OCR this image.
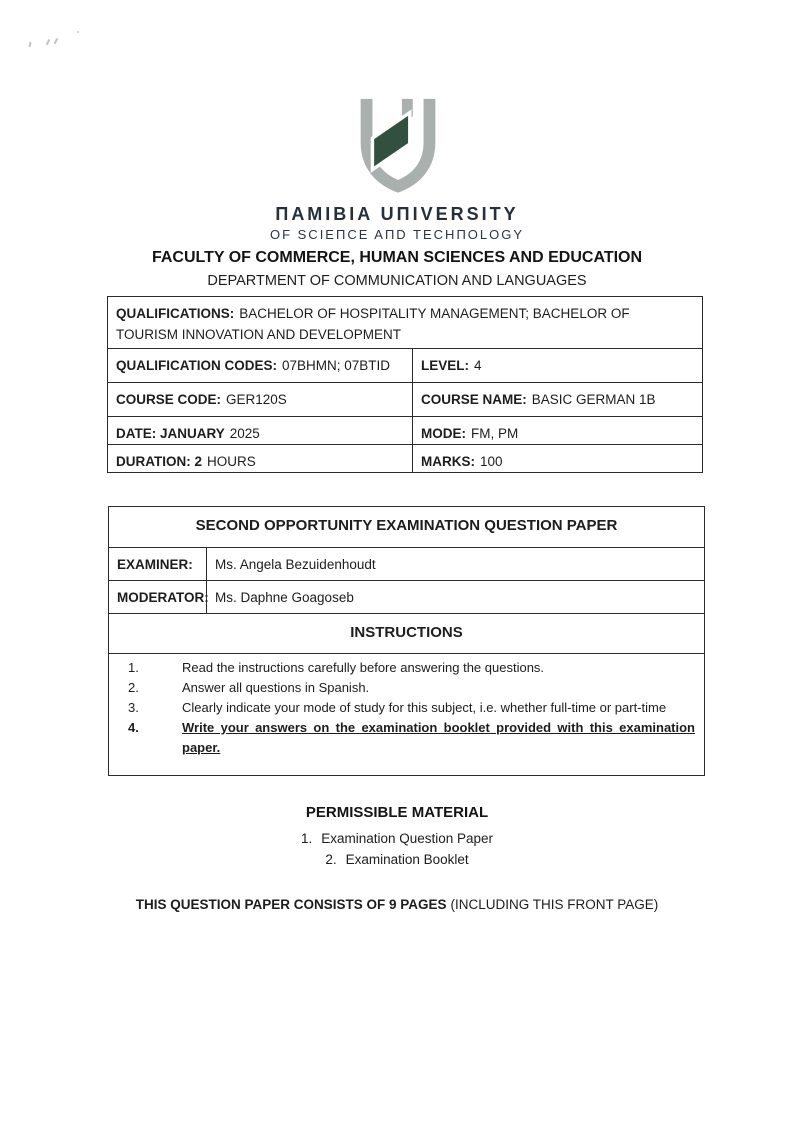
ПAMIBIA UПIVERSITY
OF SCIEПCE AПD TECHПOLOGY
FACULTY OF COMMERCE, HUMAN SCIENCES AND EDUCATION
DEPARTMENT OF COMMUNICATION AND LANGUAGES
QUALIFICATIONS: BACHELOR OF HOSPITALITY MANAGEMENT; BACHELOR OF TOURISM INNOVATION AND DEVELOPMENT
QUALIFICATION CODES: 07BHMN; 07BTID	LEVEL: 4
COURSE CODE: GER120S	COURSE NAME: BASIC GERMAN 1B
DATE: JANUARY 2025	MODE: FM, PM
DURATION: 2 HOURS	MARKS: 100
SECOND OPPORTUNITY EXAMINATION QUESTION PAPER
EXAMINER:	Ms. Angela Bezuidenhoudt
MODERATOR: Ms. Daphne Goagoseb
INSTRUCTIONS
1.	Read the instructions carefully before answering the questions.
2.	Answer all questions in Spanish.
3.	Clearly indicate your mode of study for this subject, i.e. whether full-time or part-time
4.	Write your answers on the examination booklet provided with this examination paper.
PERMISSIBLE MATERIAL
1. Examination Question Paper
2. Examination Booklet
THIS QUESTION PAPER CONSISTS OF 9 PAGES (INCLUDING THIS FRONT PAGE)
